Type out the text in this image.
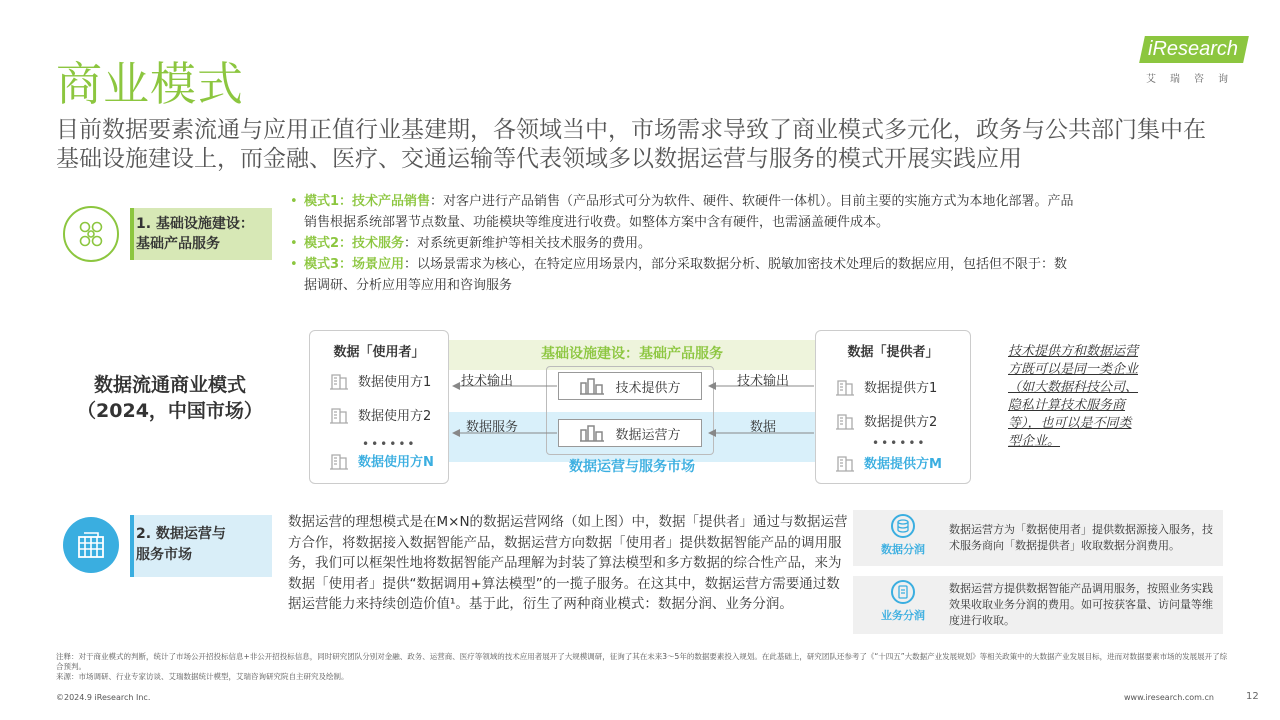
商业模式
目前数据要素流通与应用正值行业基建期，各领域当中，市场需求导致了商业模式多元化，政务与公共部门集中在基础设施建设上，而金融、医疗、交通运输等代表领域多以数据运营与服务的模式开展实践应用
iResearch
艾瑞咨询
1. 基础设施建设：
基础产品服务
• 模式1：技术产品销售：对客户进行产品销售（产品形式可分为软件、硬件、软硬件一体机）。目前主要的实施方式为本地化部署。产品销售根据系统部署节点数量、功能模块等维度进行收费。如整体方案中含有硬件，也需涵盖硬件成本。
• 模式2：技术服务：对系统更新维护等相关技术服务的费用。
• 模式3：场景应用：以场景需求为核心，在特定应用场景内，部分采取数据分析、脱敏加密技术处理后的数据应用，包括但不限于：数据调研、分析应用等应用和咨询服务
数据流通商业模式
（2024，中国市场）
基础设施建设：基础产品服务
数据运营与服务市场
数据「使用者」
数据使用方1
数据使用方2
••••••
数据使用方N
数据「提供者」
数据提供方1
数据提供方2
••••••
数据提供方M
技术提供方
数据运营方
技术输出	技术输出
数据服务	数据
技术提供方和数据运营方既可以是同一类企业（如大数据科技公司、隐私计算技术服务商等），也可以是不同类型企业。
2. 数据运营与
服务市场
数据运营的理想模式是在M×N的数据运营网络（如上图）中，数据「提供者」通过与数据运营方合作，将数据接入数据智能产品，数据运营方向数据「使用者」提供数据智能产品的调用服务，我们可以框架性地将数据智能产品理解为封装了算法模型和多方数据的综合性产品，来为数据「使用者」提供“数据调用+算法模型”的一揽子服务。在这其中，数据运营方需要通过数据运营能力来持续创造价值¹。基于此，衍生了两种商业模式：数据分润、业务分润。
数据分润
数据运营方为「数据使用者」提供数据源接入服务，技术服务商向「数据提供者」收取数据分润费用。
业务分润
数据运营方提供数据智能产品调用服务，按照业务实践效果收取业务分润的费用。如可按获客量、访问量等维度进行收取。
注释：对于商业模式的判断，统计了市场公开招投标信息+非公开招投标信息，同时研究团队分别对金融、政务、运营商、医疗等领域的技术应用者展开了大规模调研，征询了其在未来3～5年的数据要素投入规划。在此基础上，研究团队还参考了《“十四五”大数据产业发展规划》等相关政策中的大数据产业发展目标，进而对数据要素市场的发展展开了综合预判。
来源：市场调研、行业专家访谈、艾瑞数据统计模型，艾瑞咨询研究院自主研究及绘制。
©2024.9 iResearch Inc.	www.iresearch.com.cn	12
